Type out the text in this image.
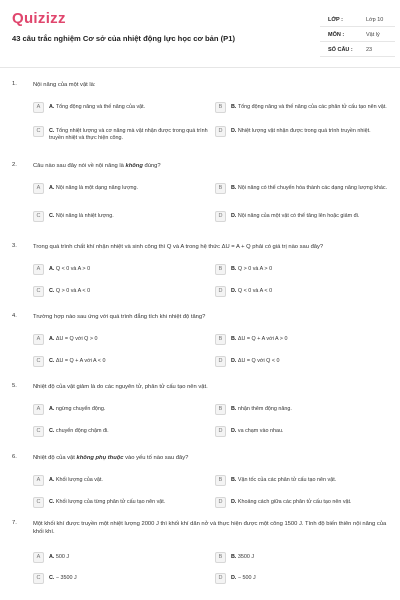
Quizizz
43 câu trắc nghiệm Cơ sở của nhiệt động lực học cơ bản (P1)
LỚP :	Lớp 10
MÔN :	Vật lý
SỐ CÂU : 23
1.	Nội năng của một vật là:
A	A. Tổng động năng và thế năng của vật.	B	B. Tổng động năng và thế năng của các phân tử cấu tạo nên vật.
C	C. Tổng nhiệt lượng và cơ năng mà vật nhận được trong quá trình truyền nhiệt và thực hiện công.
D	D. Nhiệt lượng vật nhận được trong quá trình truyền nhiệt.
2.	Câu nào sau đây nói về nội năng là không đúng?
A	A. Nội năng là một dạng năng lượng.	B	B. Nội năng có thể chuyển hóa thành các dạng năng lượng khác.
C	C. Nội năng là nhiệt lượng.	D	D. Nội năng của một vật có thể tăng lên hoặc giảm đi.
3.	Trong quá trình chất khí nhận nhiệt và sinh công thì Q và A trong hệ thức ΔU = A + Q phải có giá trị nào sau đây?
A	A. Q < 0 và A > 0	B	B. Q > 0 và A > 0
C	C. Q > 0 và A < 0	D	D. Q < 0 và A < 0
4.	Trường hợp nào sau ứng với quá trình đẳng tích khi nhiệt độ tăng?
A	A. ΔU = Q với Q > 0	B	B. ΔU = Q + A với A > 0
C	C. ΔU = Q + A với A < 0	D	D. ΔU = Q với Q < 0
5.	Nhiệt độ của vật giảm là do các nguyên tử, phân tử cấu tạo nên vật.
A	A. ngừng chuyển động.	B	B. nhận thêm động năng.
C	C. chuyển động chậm đi.	D	D. va chạm vào nhau.
6.	Nhiệt độ của vật không phụ thuộc vào yếu tố nào sau đây?
A	A. Khối lượng của vật.	B	B. Vận tốc của các phân tử cấu tạo nên vật.
C	C. Khối lượng của từng phân tử cấu tạo nên vật.	D	D. Khoảng cách giữa các phân tử cấu tạo nên vật.
7.	Một khối khí được truyền một nhiệt lượng 2000 J thì khối khí dãn nở và thực hiện được một công 1500 J. Tính độ biến thiên nội năng của khối khí.
A	A. 500 J	B	B. 3500 J
C	C. − 3500 J	D	D. − 500 J
